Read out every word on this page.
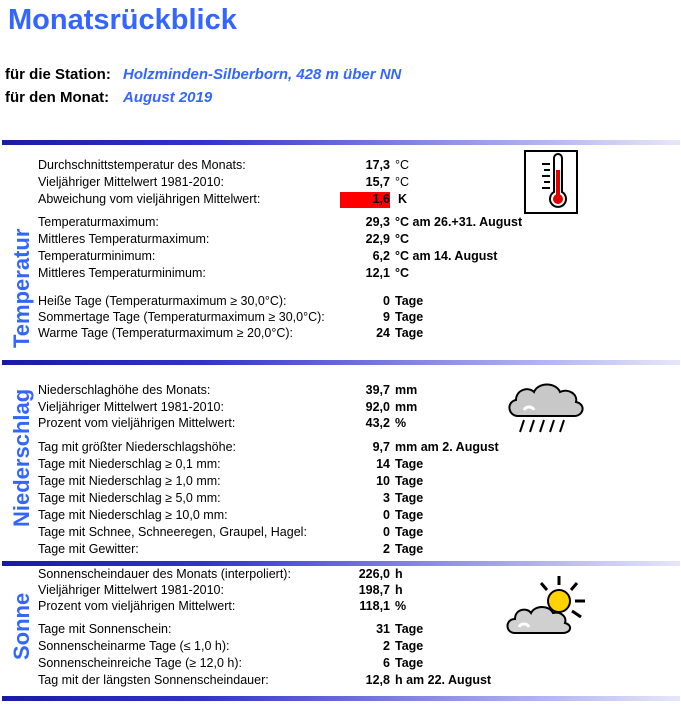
Monatsrückblick
für die Station: Holzminden-Silberborn, 428 m über NN
für den Monat: August 2019
Temperatur
Niederschlag
Sonne
Durchschnittstemperatur des Monats:	17,3 °C
Vieljähriger Mittelwert 1981-2010:	15,7 °C
Abweichung vom vieljährigen Mittelwert:	1,6 K
Temperaturmaximum:	29,3 °C am 26.+31. August
Mittleres Temperaturmaximum:	22,9 °C
Temperaturminimum:	6,2 °C am 14. August
Mittleres Temperaturminimum:	12,1 °C
Heiße Tage (Temperaturmaximum ≥ 30,0°C):	0 Tage
Sommertage Tage (Temperaturmaximum ≥ 30,0°C):	9 Tage
Warme Tage (Temperaturmaximum ≥ 20,0°C):	24 Tage
Niederschlaghöhe des Monats:	39,7 mm
Vieljähriger Mittelwert 1981-2010:	92,0 mm
Prozent vom vieljährigen Mittelwert:	43,2 %
Tag mit größter Niederschlagshöhe:	9,7 mm am 2. August
Tage mit Niederschlag ≥ 0,1 mm:	14 Tage
Tage mit Niederschlag ≥ 1,0 mm:	10 Tage
Tage mit Niederschlag ≥ 5,0 mm:	3 Tage
Tage mit Niederschlag ≥ 10,0 mm:	0 Tage
Tage mit Schnee, Schneeregen, Graupel, Hagel:	0 Tage
Tage mit Gewitter:	2 Tage
Sonnenscheindauer des Monats (interpoliert):	226,0 h
Vieljähriger Mittelwert 1981-2010:	198,7 h
Prozent vom vieljährigen Mittelwert:	118,1 %
Tage mit Sonnenschein:	31 Tage
Sonnenscheinarme Tage (≤ 1,0 h):	2 Tage
Sonnenscheinreiche Tage (≥ 12,0 h):	6 Tage
Tag mit der längsten Sonnenscheindauer:	12,8 h am 22. August
